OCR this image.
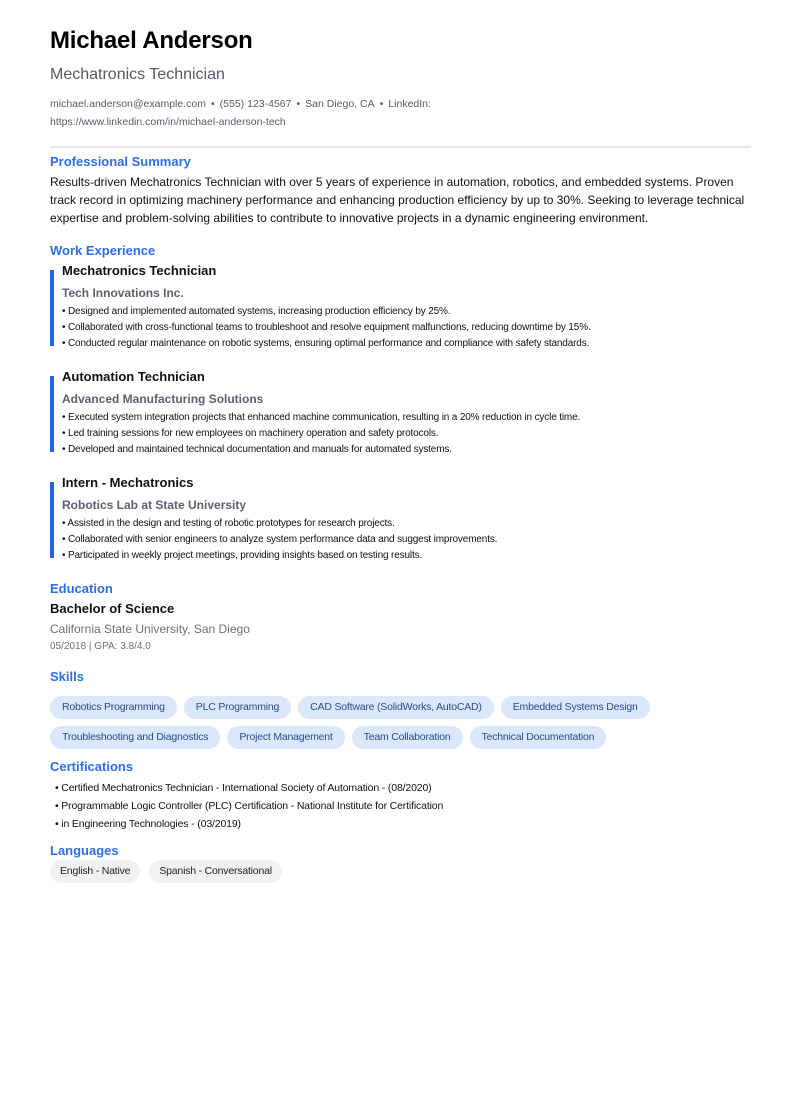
Michael Anderson
Mechatronics Technician
michael.anderson@example.com • (555) 123-4567 • San Diego, CA • LinkedIn:
https://www.linkedin.com/in/michael-anderson-tech
Professional Summary
Results-driven Mechatronics Technician with over 5 years of experience in automation, robotics, and embedded systems. Proven track record in optimizing machinery performance and enhancing production efficiency by up to 30%. Seeking to leverage technical expertise and problem-solving abilities to contribute to innovative projects in a dynamic engineering environment.
Work Experience
Mechatronics Technician
Tech Innovations Inc.
• Designed and implemented automated systems, increasing production efficiency by 25%.
• Collaborated with cross-functional teams to troubleshoot and resolve equipment malfunctions, reducing downtime by 15%.
• Conducted regular maintenance on robotic systems, ensuring optimal performance and compliance with safety standards.
Automation Technician
Advanced Manufacturing Solutions
• Executed system integration projects that enhanced machine communication, resulting in a 20% reduction in cycle time.
• Led training sessions for new employees on machinery operation and safety protocols.
• Developed and maintained technical documentation and manuals for automated systems.
Intern - Mechatronics
Robotics Lab at State University
• Assisted in the design and testing of robotic prototypes for research projects.
• Collaborated with senior engineers to analyze system performance data and suggest improvements.
• Participated in weekly project meetings, providing insights based on testing results.
Education
Bachelor of Science
California State University, San Diego
05/2018 | GPA: 3.8/4.0
Skills
Robotics Programming	PLC Programming	CAD Software (SolidWorks, AutoCAD)	Embedded Systems Design
Troubleshooting and Diagnostics	Project Management	Team Collaboration	Technical Documentation
Certifications
• Certified Mechatronics Technician - International Society of Automation - (08/2020)
• Programmable Logic Controller (PLC) Certification - National Institute for Certification
• in Engineering Technologies - (03/2019)
Languages
English - Native	Spanish - Conversational
